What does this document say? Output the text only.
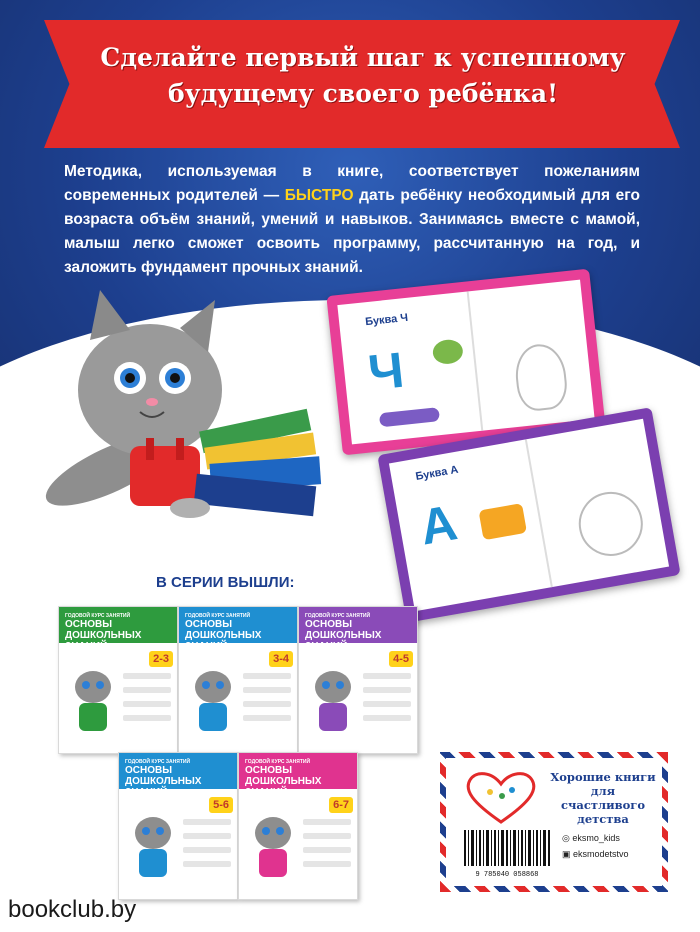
Сделайте первый шаг к успешному
будущему своего ребёнка!

Методика, используемая в книге, соответствует пожеланиям современных родителей — БЫСТРО дать ребёнку необходимый для его возраста объём знаний, умений и навыков. Занимаясь вместе с мамой, малыш легко сможет освоить программу, рассчитанную на год, и заложить фундамент прочных знаний.

Буква Ч
Ч
Буква А
А
В СЕРИИ ВЫШЛИ:
ГОДОВОЙ КУРС ЗАНЯТИЙ
ОСНОВЫ ДОШКОЛЬНЫХ ЗНАНИЙ
2-3
ГОДОВОЙ КУРС ЗАНЯТИЙ
ОСНОВЫ ДОШКОЛЬНЫХ ЗНАНИЙ
3-4
ГОДОВОЙ КУРС ЗАНЯТИЙ
ОСНОВЫ ДОШКОЛЬНЫХ ЗНАНИЙ
4-5
ГОДОВОЙ КУРС ЗАНЯТИЙ
ОСНОВЫ ДОШКОЛЬНЫХ ЗНАНИЙ
5-6
ГОДОВОЙ КУРС ЗАНЯТИЙ
ОСНОВЫ ДОШКОЛЬНЫХ ЗНАНИЙ
6-7
Хорошие книги для счастливого детства
9 785040 058868
◎ eksmo_kids
▣ eksmodetstvo
bookclub.by
